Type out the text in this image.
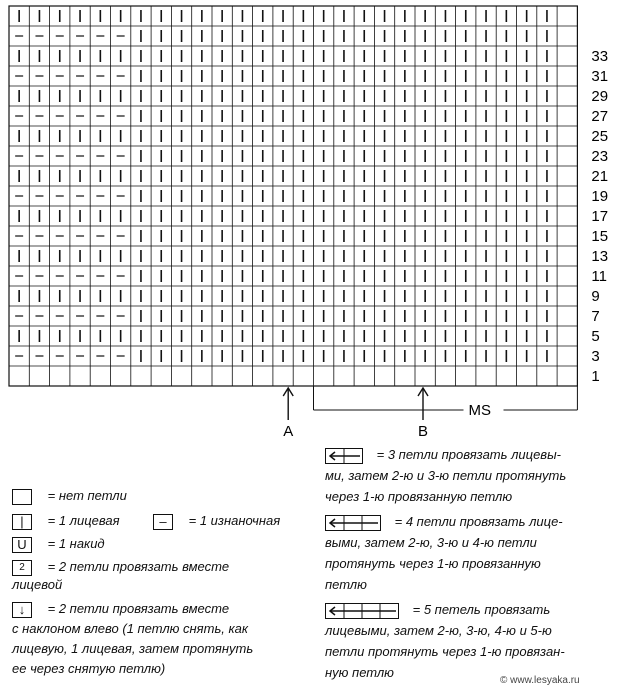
1
3
5
7
9
11
13
15
17
19
21
23
25
27
29
31
33
A	B
MS
= нет петли
| = 1 лицевая	– = 1 изнаночная
U = 1 накид
2 = 2 петли провязать вместе
лицевой
↓ = 2 петли провязать вместе
с наклоном влево (1 петлю снять, как
лицевую, 1 лицевая, затем протянуть
ее через снятую петлю)
= 3 петли провязать лицевы-
ми, затем 2-ю и 3-ю петли протянуть
через 1-ю провязанную петлю
= 4 петли провязать лице-
выми, затем 2-ю, 3-ю и 4-ю петли
протянуть через 1-ю провязанную
петлю
= 5 петель провязать
лицевыми, затем 2-ю, 3-ю, 4-ю и 5-ю
петли протянуть через 1-ю провязан-
ную петлю
© www.lesyaka.ru
